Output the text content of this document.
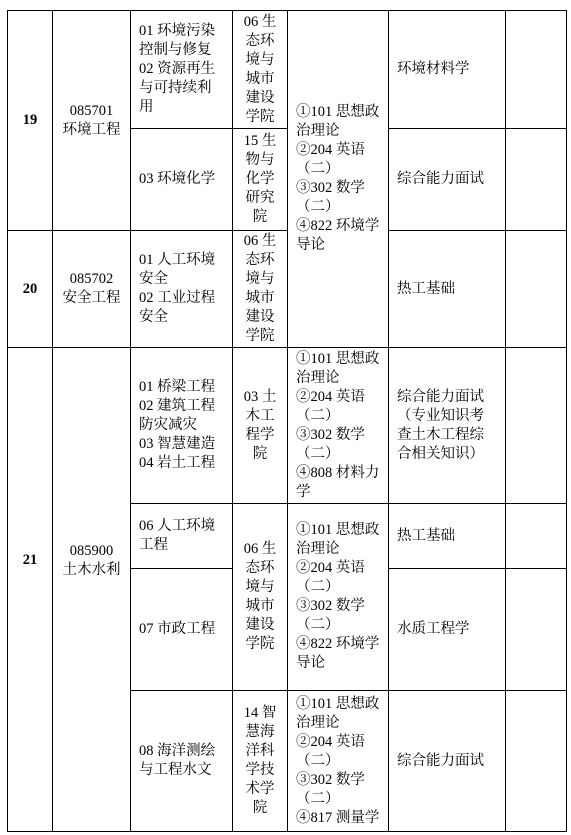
19
085701
环境工程
01 环境污染控制与修复
02 资源再生与可持续利用
06 生态环境与城市建设学院 ①101 思想政治理论
②204 英语（二）
③302 数学（二）
④822 环境学导论
环境材料学
03 环境化学
15 生物与化学研究院
综合能力面试
20
085702
安全工程
01 人工环境安全
02 工业过程安全
06 生态环境与城市建设学院
热工基础
21
085900
土木水利
01 桥梁工程
02 建筑工程防灾减灾
03 智慧建造
04 岩土工程
03 土木工程学院
①101 思想政治理论
②204 英语（二）
③302 数学（二）
④808 材料力学
综合能力面试（专业知识考查土木工程综合相关知识）
06 人工环境工程	06 生态环境与城市建设学院
①101 思想政治理论
②204 英语（二）
③302 数学（二）
④822 环境学导论
热工基础
07 市政工程	水质工程学
08 海洋测绘与工程水文
14 智慧海洋科学技术学院
①101 思想政治理论
②204 英语（二）
③302 数学（二）
④817 测量学
综合能力面试
